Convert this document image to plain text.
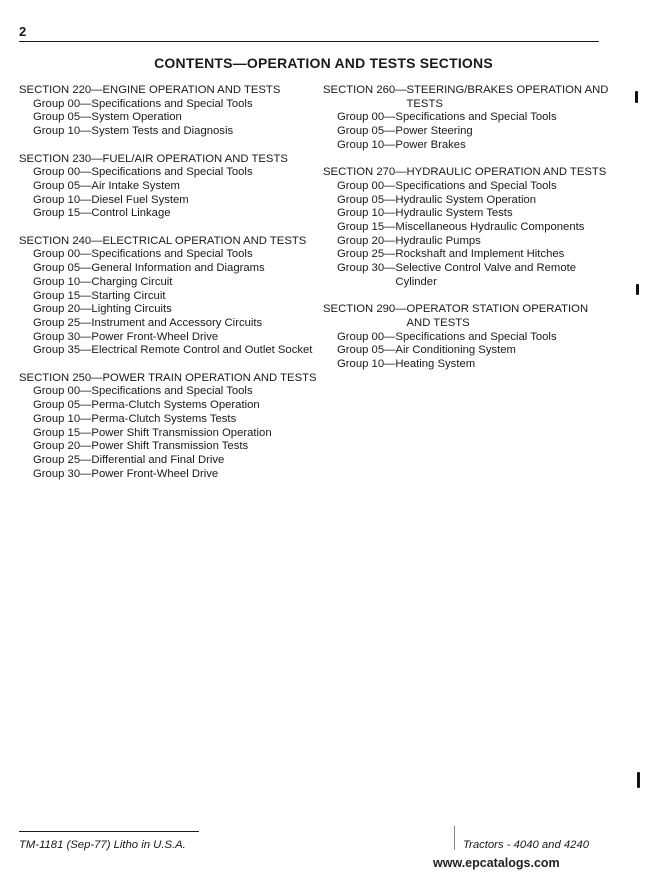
2
CONTENTS—OPERATION AND TESTS SECTIONS
SECTION 220— ENGINE OPERATION AND TESTS
Group 00— Specifications and Special Tools
Group 05— System Operation
Group 10— System Tests and Diagnosis
SECTION 230— FUEL/AIR OPERATION AND TESTS
Group 00— Specifications and Special Tools
Group 05— Air Intake System
Group 10— Diesel Fuel System
Group 15— Control Linkage
SECTION 240— ELECTRICAL OPERATION AND TESTS
Group 00— Specifications and Special Tools
Group 05— General Information and Diagrams
Group 10— Charging Circuit
Group 15— Starting Circuit
Group 20— Lighting Circuits
Group 25— Instrument and Accessory Circuits
Group 30— Power Front-Wheel Drive
Group 35— Electrical Remote Control and Outlet Socket
SECTION 250— POWER TRAIN OPERATION AND TESTS
Group 00— Specifications and Special Tools
Group 05— Perma-Clutch Systems Operation
Group 10— Perma-Clutch Systems Tests
Group 15— Power Shift Transmission Operation
Group 20— Power Shift Transmission Tests
Group 25— Differential and Final Drive
Group 30— Power Front-Wheel Drive
SECTION 260— STEERING/BRAKES OPERATION AND TESTS
Group 00— Specifications and Special Tools
Group 05— Power Steering
Group 10— Power Brakes
SECTION 270— HYDRAULIC OPERATION AND TESTS
Group 00— Specifications and Special Tools
Group 05— Hydraulic System Operation
Group 10— Hydraulic System Tests
Group 15— Miscellaneous Hydraulic Components
Group 20— Hydraulic Pumps
Group 25— Rockshaft and Implement Hitches
Group 30— Selective Control Valve and Remote Cylinder
SECTION 290— OPERATOR STATION OPERATION AND TESTS
Group 00— Specifications and Special Tools
Group 05— Air Conditioning System
Group 10— Heating System
TM-1181 (Sep-77) Litho in U.S.A.	Tractors - 4040 and 4240
www.epcatalogs.com
